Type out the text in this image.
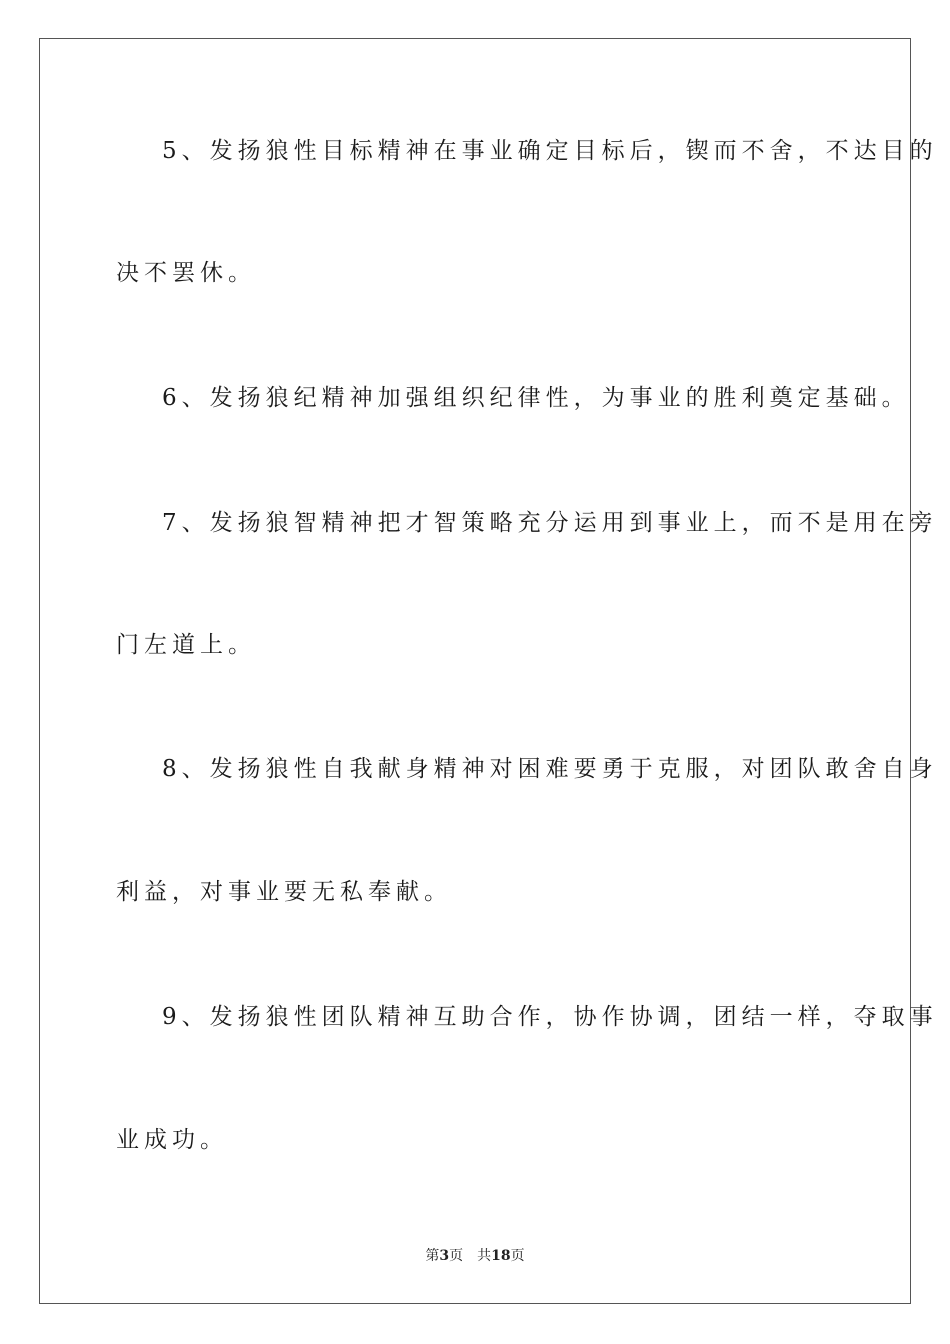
5、发扬狼性目标精神在事业确定目标后，锲而不舍，不达目的
决不罢休。
6、发扬狼纪精神加强组织纪律性，为事业的胜利奠定基础。
7、发扬狼智精神把才智策略充分运用到事业上，而不是用在旁
门左道上。
8、发扬狼性自我献身精神对困难要勇于克服，对团队敢舍自身
利益，对事业要无私奉献。
9、发扬狼性团队精神互助合作，协作协调，团结一样，夺取事
业成功。
第3页 共18页
